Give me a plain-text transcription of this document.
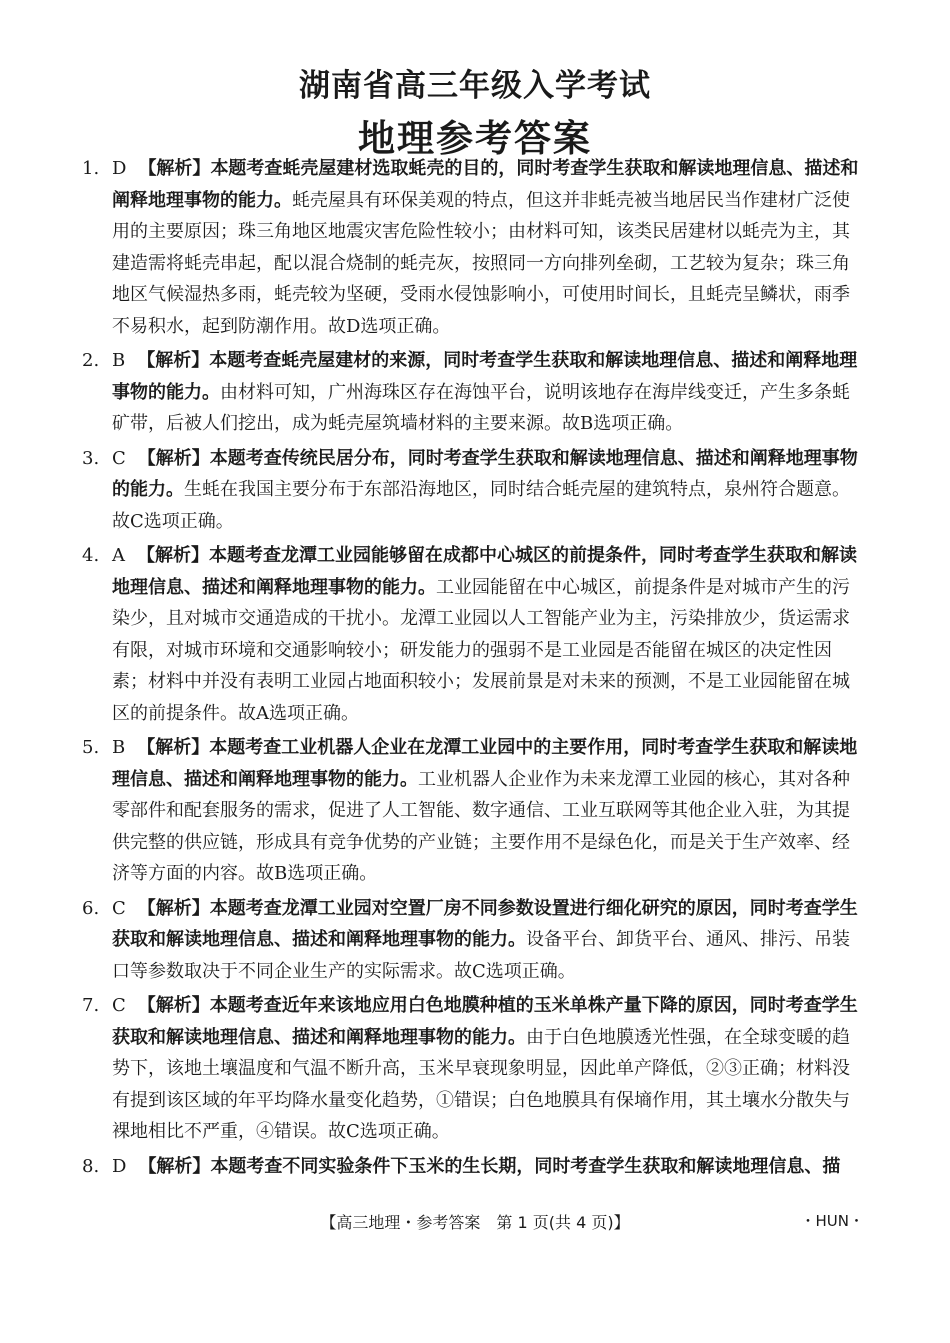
湖南省高三年级入学考试
地理参考答案
1. D 【解析】本题考查蚝壳屋建材选取蚝壳的目的，同时考查学生获取和解读地理信息、描述和阐释地理事物的能力。蚝壳屋具有环保美观的特点，但这并非蚝壳被当地居民当作建材广泛使用的主要原因；珠三角地区地震灾害危险性较小；由材料可知，该类民居建材以蚝壳为主，其建造需将蚝壳串起，配以混合烧制的蚝壳灰，按照同一方向排列垒砌，工艺较为复杂；珠三角地区气候湿热多雨，蚝壳较为坚硬，受雨水侵蚀影响小，可使用时间长，且蚝壳呈鳞状，雨季不易积水，起到防潮作用。故D选项正确。
2. B 【解析】本题考查蚝壳屋建材的来源，同时考查学生获取和解读地理信息、描述和阐释地理事物的能力。由材料可知，广州海珠区存在海蚀平台，说明该地存在海岸线变迁，产生多条蚝矿带，后被人们挖出，成为蚝壳屋筑墙材料的主要来源。故B选项正确。
3. C 【解析】本题考查传统民居分布，同时考查学生获取和解读地理信息、描述和阐释地理事物的能力。生蚝在我国主要分布于东部沿海地区，同时结合蚝壳屋的建筑特点，泉州符合题意。故C选项正确。
4. A 【解析】本题考查龙潭工业园能够留在成都中心城区的前提条件，同时考查学生获取和解读地理信息、描述和阐释地理事物的能力。工业园能留在中心城区，前提条件是对城市产生的污染少，且对城市交通造成的干扰小。龙潭工业园以人工智能产业为主，污染排放少，货运需求有限，对城市环境和交通影响较小；研发能力的强弱不是工业园是否能留在城区的决定性因素；材料中并没有表明工业园占地面积较小；发展前景是对未来的预测，不是工业园能留在城区的前提条件。故A选项正确。
5. B 【解析】本题考查工业机器人企业在龙潭工业园中的主要作用，同时考查学生获取和解读地理信息、描述和阐释地理事物的能力。工业机器人企业作为未来龙潭工业园的核心，其对各种零部件和配套服务的需求，促进了人工智能、数字通信、工业互联网等其他企业入驻，为其提供完整的供应链，形成具有竞争优势的产业链；主要作用不是绿色化，而是关于生产效率、经济等方面的内容。故B选项正确。
6. C 【解析】本题考查龙潭工业园对空置厂房不同参数设置进行细化研究的原因，同时考查学生获取和解读地理信息、描述和阐释地理事物的能力。设备平台、卸货平台、通风、排污、吊装口等参数取决于不同企业生产的实际需求。故C选项正确。
7. C 【解析】本题考查近年来该地应用白色地膜种植的玉米单株产量下降的原因，同时考查学生获取和解读地理信息、描述和阐释地理事物的能力。由于白色地膜透光性强，在全球变暖的趋势下，该地土壤温度和气温不断升高，玉米早衰现象明显，因此单产降低，②③正确；材料没有提到该区域的年平均降水量变化趋势，①错误；白色地膜具有保墒作用，其土壤水分散失与裸地相比不严重，④错误。故C选项正确。
8. D 【解析】本题考查不同实验条件下玉米的生长期，同时考查学生获取和解读地理信息、描
【高三地理・参考答案　第 1 页(共 4 页)】	・HUN・
